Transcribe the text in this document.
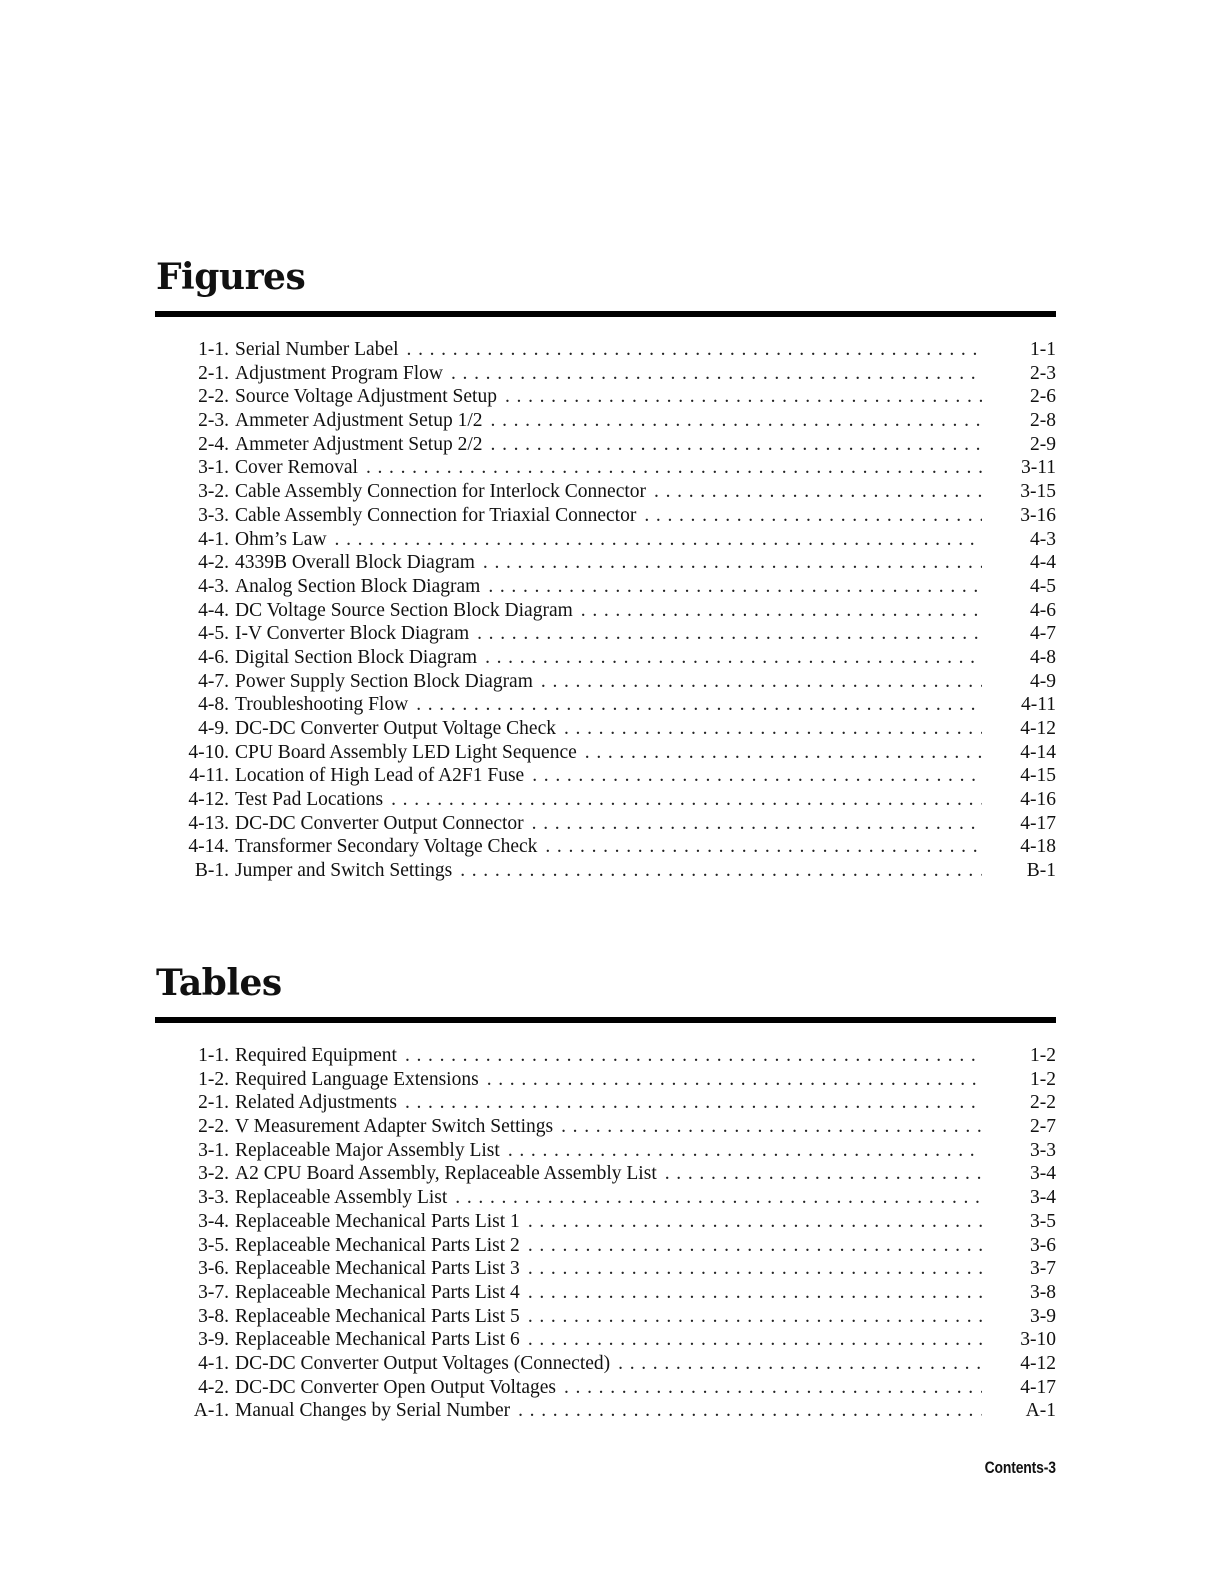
Figures
1-1. Serial Number Label . . .	1-1
2-1. Adjustment Program Flow . . .	2-3
2-2. Source Voltage Adjustment Setup . . .	2-6
2-3. Ammeter Adjustment Setup 1/2 . . .	2-8
2-4. Ammeter Adjustment Setup 2/2 . . .	2-9
3-1. Cover Removal . . .	3-11
3-2. Cable Assembly Connection for Interlock Connector . . .	3-15
3-3. Cable Assembly Connection for Triaxial Connector . . .	3-16
4-1. Ohm’s Law . . .	4-3
4-2. 4339B Overall Block Diagram . . .	4-4
4-3. Analog Section Block Diagram . . .	4-5
4-4. DC Voltage Source Section Block Diagram . . .	4-6
4-5. I-V Converter Block Diagram . . .	4-7
4-6. Digital Section Block Diagram . . .	4-8
4-7. Power Supply Section Block Diagram . . .	4-9
4-8. Troubleshooting Flow . . .	4-11
4-9. DC-DC Converter Output Voltage Check . . .	4-12
4-10. CPU Board Assembly LED Light Sequence . . .	4-14
4-11. Location of High Lead of A2F1 Fuse . . .	4-15
4-12. Test Pad Locations . . .	4-16
4-13. DC-DC Converter Output Connector . . .	4-17
4-14. Transformer Secondary Voltage Check . . .	4-18
B-1. Jumper and Switch Settings . . .	B-1
Tables
1-1. Required Equipment . . .	1-2
1-2. Required Language Extensions . . .	1-2
2-1. Related Adjustments . . .	2-2
2-2. V Measurement Adapter Switch Settings . . .	2-7
3-1. Replaceable Major Assembly List . . .	3-3
3-2. A2 CPU Board Assembly, Replaceable Assembly List . . .	3-4
3-3. Replaceable Assembly List . . .	3-4
3-4. Replaceable Mechanical Parts List 1 . . .	3-5
3-5. Replaceable Mechanical Parts List 2 . . .	3-6
3-6. Replaceable Mechanical Parts List 3 . . .	3-7
3-7. Replaceable Mechanical Parts List 4 . . .	3-8
3-8. Replaceable Mechanical Parts List 5 . . .	3-9
3-9. Replaceable Mechanical Parts List 6 . . .	3-10
4-1. DC-DC Converter Output Voltages (Connected) . . .	4-12
4-2. DC-DC Converter Open Output Voltages . . .	4-17
A-1. Manual Changes by Serial Number . . .	A-1
Contents-3
